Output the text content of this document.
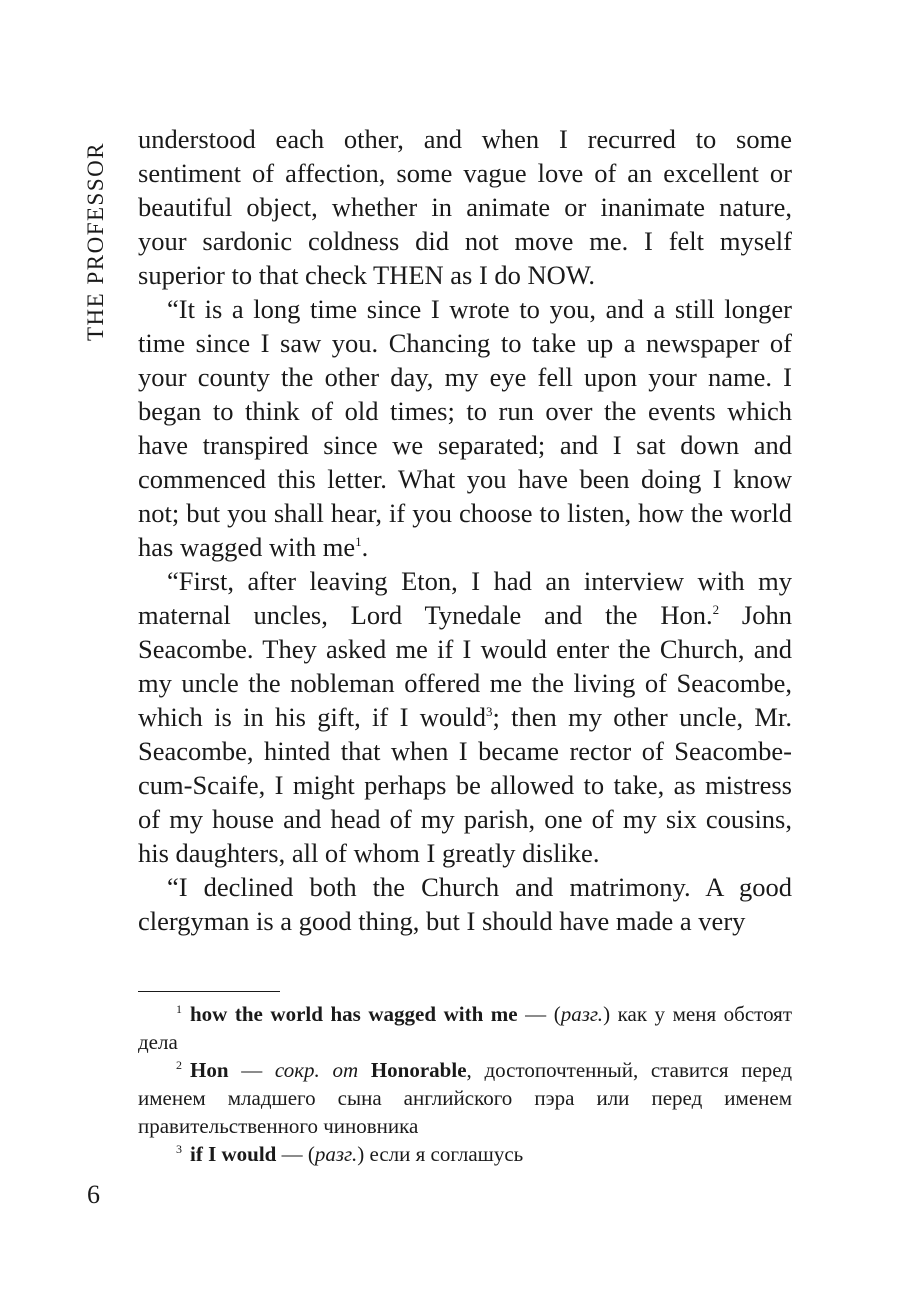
THE PROFESSOR

understood each other, and when I recurred to some sentiment of affection, some vague love of an excellent or beautiful object, whether in animate or inanimate nature, your sardonic coldness did not move me. I felt myself superior to that check THEN as I do NOW.

“It is a long time since I wrote to you, and a still longer time since I saw you. Chancing to take up a newspaper of your county the other day, my eye fell upon your name. I began to think of old times; to run over the events which have transpired since we separated; and I sat down and commenced this letter. What you have been doing I know not; but you shall hear, if you choose to listen, how the world has wagged with me$^1$.

“First, after leaving Eton, I had an interview with my maternal uncles, Lord Tynedale and the Hon.$^2$ John Seacombe. They asked me if I would enter the Church, and my uncle the nobleman offered me the living of Seacombe, which is in his gift, if I would$^3$; then my other uncle, Mr. Seacombe, hinted that when I became rector of Seacombe-cum-Scaife, I might perhaps be allowed to take, as mistress of my house and head of my parish, one of my six cousins, his daughters, all of whom I greatly dislike.

“I declined both the Church and matrimony. A good clergyman is a good thing, but I should have made a very

$^1$ how the world has wagged with me — (разг.) как у меня обстоят дела

$^2$ Hon — сокр. от Honorable, достопочтенный, ставится перед именем младшего сына английского пэра или перед именем правительственного чиновника

$^3$ if I would — (разг.) если я соглашусь

6
